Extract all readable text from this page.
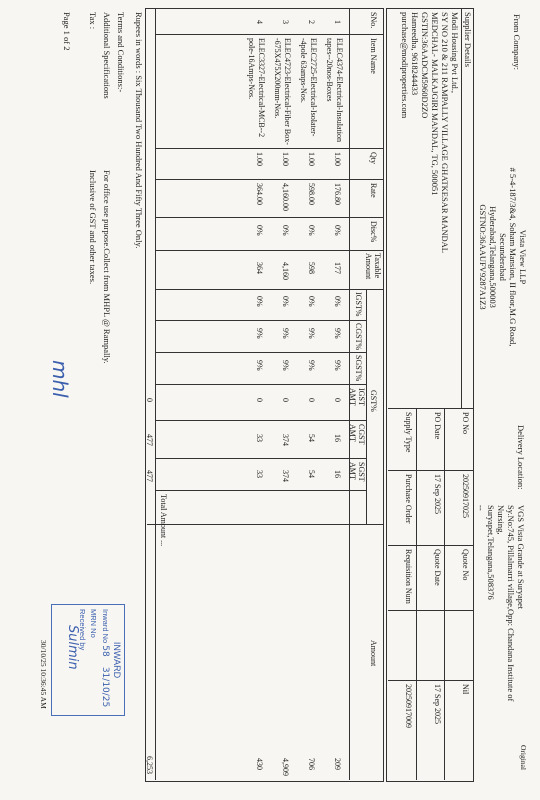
From Company:
Vista View LLP
# 5-4-187/3&4, Soham Mansion, II floor,M.G Road,
Secunderabad
Hyderabad,Telangana,500003
GSTNO:36AAUFV9287A1Z3
Delivery Location:
VGS Vista Grande at Suryapet
Sy.No:745, Pillalmarri village,Opp: Chandana Institute of
Nursing,
Suryapet,Telangana,508376
--
Original
Supplier Details
Modi Housing Pvt Ltd.,
SY NO 210 & 211 RAMPALLY VILLAGE GHATKESAR MANDAL
MEDCHAL- MALKAJGIRI MANDAL, TG, 500051
GSTIN:36AADCM5960D2ZO
Hameedha, 9618244433
purchase@modiproperties.com
PO No
2025091702​5
Quote No
Nil
PO Date
17 Sep 2025
Quote Date
17 Sep 2025
Supply Type
Purchase Order
Requisition Num
20250917009
SNo.
Item Name
Qty
Rate
Disc%
Taxable Amount
GST%
Amount
IGST%
CGST%
SGST%
IGST AMT
CGST AMT
SGST AMT
1
ELEC4374-Electrical-Insulation tapes--20nos-Boxes
1.00
176.80
0%
177
0%
9%
9%
0
16
16
209
2
ELEC2725-Electrical-Isolater--4pole 63amps-Nos.
1.00
598.00
0%
598
0%
9%
9%
0
54
54
706
3
ELEC4723-Electrical-Fiber Box--675X475X200mm-Nos.
1.00
4,160.00
0%
4,160
0%
9%
9%
0
374
374
4,909
4
ELEC3327-Electrical-MCB--2 pole-16Amps-Nos.
1.00
364.00
0%
364
0%
9%
9%
0
33
33
430
Total Amount ...
0
477
477
6,253
Rupees in words : Six Thousand Two Hundred And Fifty Three Only.
Terms and Conditions:-
Additional Specifications
For office use purpose.Collect from MHPL @ Rampally.
Tax :
Inclusive of GST and other taxes.
Page 1 of 2
mhl
INWARD
Inward No 58 31/10/25
MRN No
Received by
Sulmin
30/10/25 10:36:45 AM
